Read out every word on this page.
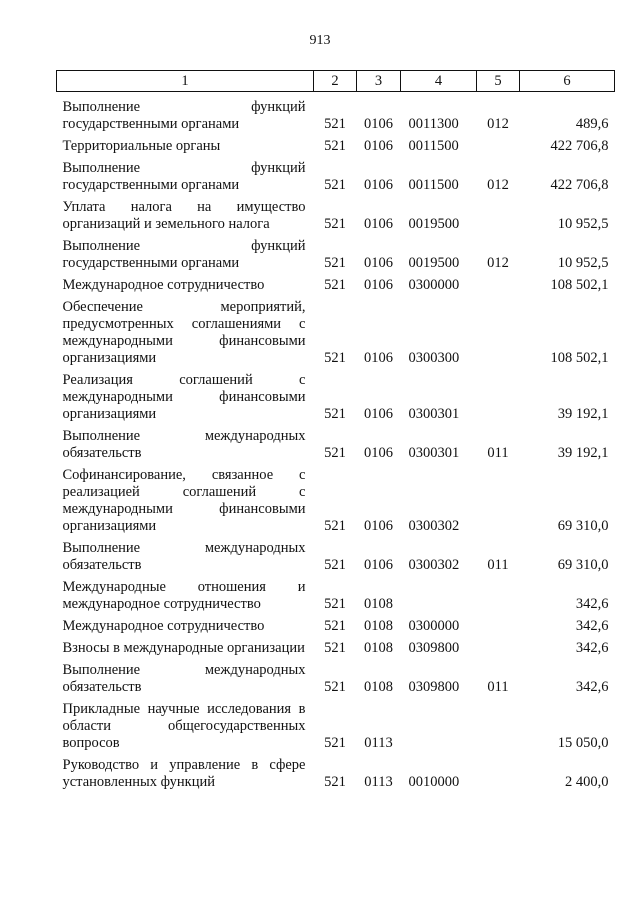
913
1	2	3	4	5	6
Выполнение функций государственными органами	521	0106	0011300	012	489,6
Территориальные органы	521	0106	0011500		422 706,8
Выполнение функций государственными органами	521	0106	0011500	012	422 706,8
Уплата налога на имущество организаций и земельного налога	521	0106	0019500		10 952,5
Выполнение функций государственными органами	521	0106	0019500	012	10 952,5
Международное сотрудничество	521	0106	0300000		108 502,1
Обеспечение мероприятий, предусмотренных соглашениями с международными финансовыми организациями	521	0106	0300300		108 502,1
Реализация соглашений с международными финансовыми организациями	521	0106	0300301		39 192,1
Выполнение международных обязательств	521	0106	0300301	011	39 192,1
Софинансирование, связанное с реализацией соглашений с международными финансовыми организациями	521	0106	0300302		69 310,0
Выполнение международных обязательств	521	0106	0300302	011	69 310,0
Международные отношения и международное сотрудничество	521	0108			342,6
Международное сотрудничество	521	0108	0300000		342,6
Взносы в международные организации	521	0108	0309800		342,6
Выполнение международных обязательств	521	0108	0309800	011	342,6
Прикладные научные исследования в области общегосударственных вопросов	521	0113			15 050,0
Руководство и управление в сфере установленных функций	521	0113	0010000		2 400,0
